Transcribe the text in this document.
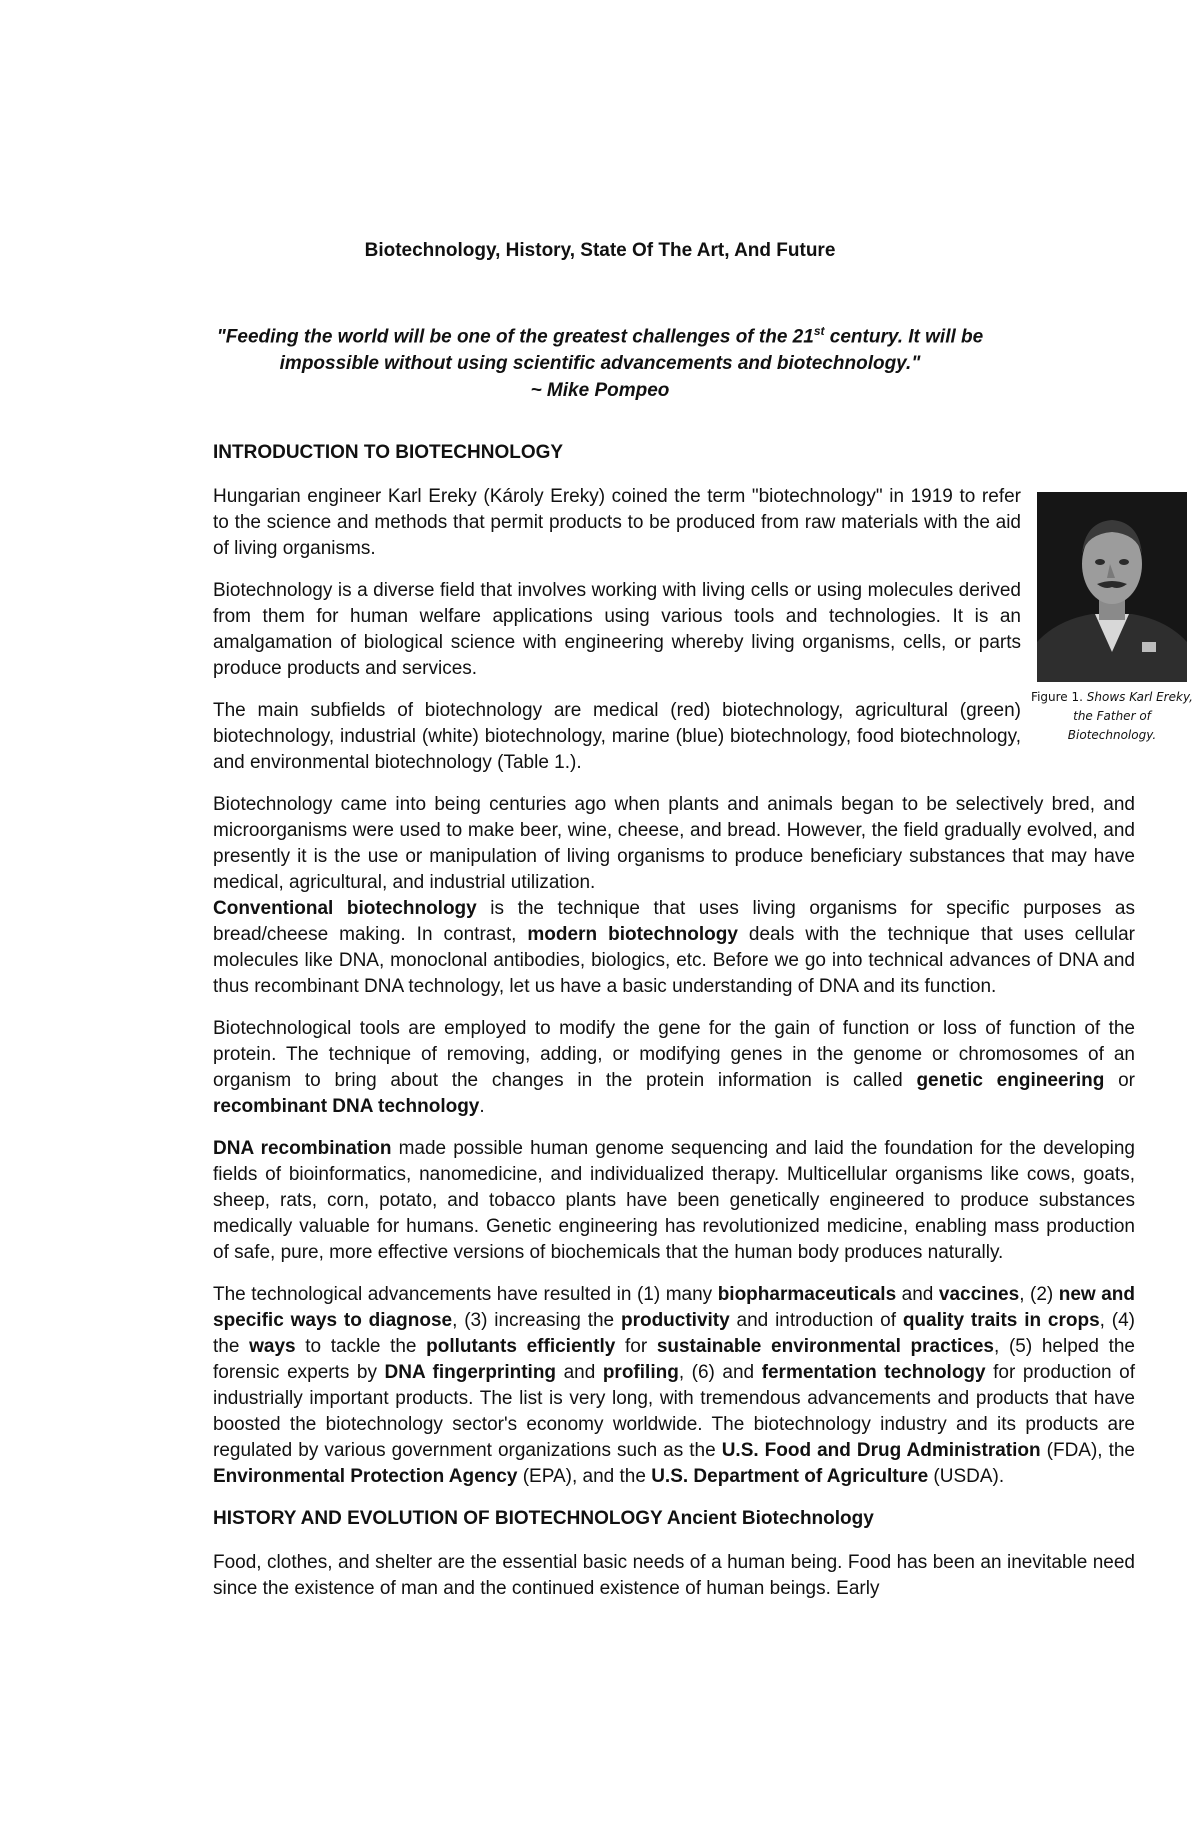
Biotechnology, History, State Of The Art, And Future
"Feeding the world will be one of the greatest challenges of the 21st century. It will be impossible without using scientific advancements and biotechnology."
~ Mike Pompeo
INTRODUCTION TO BIOTECHNOLOGY

Hungarian engineer Karl Ereky (Károly Ereky) coined the term "biotechnology" in 1919 to refer to the science and methods that permit products to be produced from raw materials with the aid of living organisms.

Biotechnology is a diverse field that involves working with living cells or using molecules derived from them for human welfare applications using various tools and technologies. It is an amalgamation of biological science with engineering whereby living organisms, cells, or parts produce products and services.

The main subfields of biotechnology are medical (red) biotechnology, agricultural (green) biotechnology, industrial (white) biotechnology, marine (blue) biotechnology, food biotechnology, and environmental biotechnology (Table 1.).

Biotechnology came into being centuries ago when plants and animals began to be selectively bred, and microorganisms were used to make beer, wine, cheese, and bread. However, the field gradually evolved, and presently it is the use or manipulation of living organisms to produce beneficiary substances that may have medical, agricultural, and industrial utilization.

Conventional biotechnology is the technique that uses living organisms for specific purposes as bread/cheese making. In contrast, modern biotechnology deals with the technique that uses cellular molecules like DNA, monoclonal antibodies, biologics, etc. Before we go into technical advances of DNA and thus recombinant DNA technology, let us have a basic understanding of DNA and its function.

Biotechnological tools are employed to modify the gene for the gain of function or loss of function of the protein. The technique of removing, adding, or modifying genes in the genome or chromosomes of an organism to bring about the changes in the protein information is called genetic engineering or recombinant DNA technology.

DNA recombination made possible human genome sequencing and laid the foundation for the developing fields of bioinformatics, nanomedicine, and individualized therapy. Multicellular organisms like cows, goats, sheep, rats, corn, potato, and tobacco plants have been genetically engineered to produce substances medically valuable for humans. Genetic engineering has revolutionized medicine, enabling mass production of safe, pure, more effective versions of biochemicals that the human body produces naturally.

The technological advancements have resulted in (1) many biopharmaceuticals and vaccines, (2) new and specific ways to diagnose, (3) increasing the productivity and introduction of quality traits in crops, (4) the ways to tackle the pollutants efficiently for sustainable environmental practices, (5) helped the forensic experts by DNA fingerprinting and profiling, (6) and fermentation technology for production of industrially important products. The list is very long, with tremendous advancements and products that have boosted the biotechnology sector's economy worldwide. The biotechnology industry and its products are regulated by various government organizations such as the U.S. Food and Drug Administration (FDA), the Environmental Protection Agency (EPA), and the U.S. Department of Agriculture (USDA).

HISTORY AND EVOLUTION OF BIOTECHNOLOGY Ancient Biotechnology

Food, clothes, and shelter are the essential basic needs of a human being. Food has been an inevitable need since the existence of man and the continued existence of human beings. Early

Figure 1. Shows Karl Ereky, the Father of Biotechnology.
